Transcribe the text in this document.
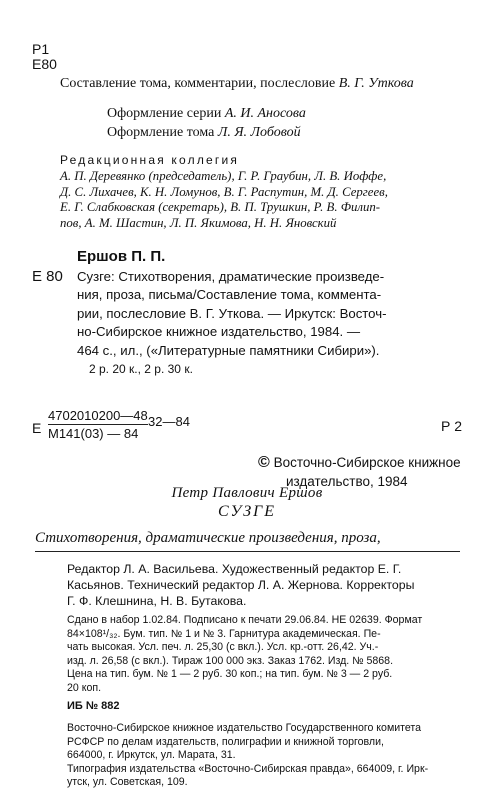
Р1
Е80
Составление тома, комментарии, послесловие В. Г. Уткова
Оформление серии А. И. Аносова
Оформление тома Л. Я. Лобовой
Редакционная коллегия
А. П. Деревянко (председатель), Г. Р. Граубин, Л. В. Иоффе,
Д. С. Лихачев, К. Н. Ломунов, В. Г. Распутин, М. Д. Сергеев,
Е. Г. Слабковская (секретарь), В. П. Трушкин, Р. В. Филип-
пов, А. М. Шастин, Л. П. Якимова, Н. Н. Яновский
Ершов П. П.
Е 80 Сузге: Стихотворения, драматические произведе-
ния, проза, письма/Составление тома, коммента-
рии, послесловие В. Г. Уткова. — Иркутск: Восточ-
но-Сибирское книжное издательство, 1984. —
464 с., ил., («Литературные памятники Сибири»).
2 р. 20 к., 2 р. 30 к.
Е
4702010200—48
М141(03) — 84
32—84	Р 2
© Восточно-Сибирское книжное
издательство, 1984
Петр Павлович Ершов
СУЗГЕ
Стихотворения, драматические произведения, проза,
Редактор Л. А. Васильева. Художественный редактор Е. Г.
Касьянов. Технический редактор Л. А. Жернова. Корректоры
Г. Ф. Клешнина, Н. В. Бутакова.
Сдано в набор 1.02.84. Подписано к печати 29.06.84. НЕ 02639. Формат
84×108¹/₃₂. Бум. тип. № 1 и № 3. Гарнитура академическая. Пе-
чать высокая. Усл. печ. л. 25,30 (с вкл.). Усл. кр.-отт. 26,42. Уч.-
изд. л. 26,58 (с вкл.). Тираж 100 000 экз. Заказ 1762. Изд. № 5868.
Цена на тип. бум. № 1 — 2 руб. 30 коп.; на тип. бум. № 3 — 2 руб.
20 коп.
ИБ № 882
Восточно-Сибирское книжное издательство Государственного комитета
РСФСР по делам издательств, полиграфии и книжной торговли,
664000, г. Иркутск, ул. Марата, 31.
Типография издательства «Восточно-Сибирская правда», 664009, г. Ирк-
утск, ул. Советская, 109.
